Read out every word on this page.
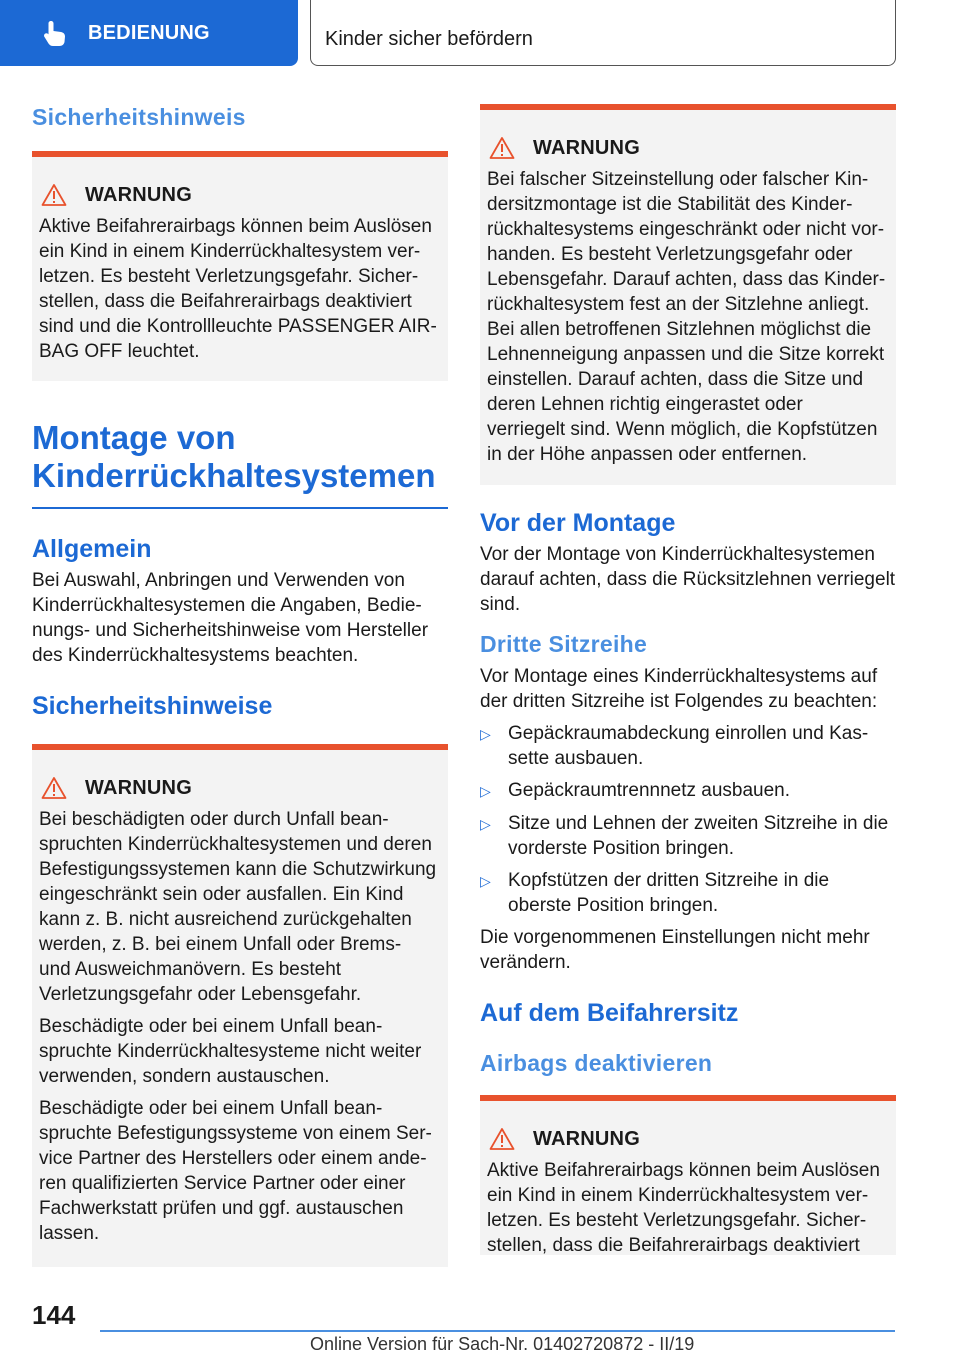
BEDIENUNG	Kinder sicher befördern
Sicherheitshinweis
WARNUNG

Aktive Beifahrerairbags können beim Auslösen ein Kind in einem Kinderrückhaltesystem verletzen. Es besteht Verletzungsgefahr. Sicherstellen, dass die Beifahrerairbags deaktiviert sind und die Kontrollleuchte PASSENGER AIRBAG OFF leuchtet.

Montage von
Kinderrückhaltesystemen
Allgemein

Bei Auswahl, Anbringen und Verwenden von Kinderrückhaltesystemen die Angaben, Bedienungs- und Sicherheitshinweise vom Hersteller des Kinderrückhaltesystems beachten.

Sicherheitshinweise
WARNUNG

Bei beschädigten oder durch Unfall beanspruchten Kinderrückhaltesystemen und deren Befestigungssystemen kann die Schutzwirkung eingeschränkt sein oder ausfallen. Ein Kind kann z. B. nicht ausreichend zurückgehalten werden, z. B. bei einem Unfall oder Brems- und Ausweichmanövern. Es besteht Verletzungsgefahr oder Lebensgefahr.

Beschädigte oder bei einem Unfall beanspruchte Kinderrückhaltesysteme nicht weiter verwenden, sondern austauschen.

Beschädigte oder bei einem Unfall beanspruchte Befestigungssysteme von einem Service Partner des Herstellers oder einem anderen qualifizierten Service Partner oder einer Fachwerkstatt prüfen und ggf. austauschen lassen.

WARNUNG

Bei falscher Sitzeinstellung oder falscher Kindersitzmontage ist die Stabilität des Kinderrückhaltesystems eingeschränkt oder nicht vorhanden. Es besteht Verletzungsgefahr oder Lebensgefahr. Darauf achten, dass das Kinderrückhaltesystem fest an der Sitzlehne anliegt. Bei allen betroffenen Sitzlehnen möglichst die Lehnenneigung anpassen und die Sitze korrekt einstellen. Darauf achten, dass die Sitze und deren Lehnen richtig eingerastet oder verriegelt sind. Wenn möglich, die Kopfstützen in der Höhe anpassen oder entfernen.

Vor der Montage

Vor der Montage von Kinderrückhaltesystemen darauf achten, dass die Rücksitzlehnen verriegelt sind.

Dritte Sitzreihe

Vor Montage eines Kinderrückhaltesystems auf der dritten Sitzreihe ist Folgendes zu beachten:

▷ Gepäckraumabdeckung einrollen und Kassette ausbauen.
▷ Gepäckraumtrennnetz ausbauen.
▷ Sitze und Lehnen der zweiten Sitzreihe in die vorderste Position bringen.
▷ Kopfstützen der dritten Sitzreihe in die oberste Position bringen.

Die vorgenommenen Einstellungen nicht mehr verändern.

Auf dem Beifahrersitz
Airbags deaktivieren
WARNUNG

Aktive Beifahrerairbags können beim Auslösen ein Kind in einem Kinderrückhaltesystem verletzen. Es besteht Verletzungsgefahr. Sicherstellen, dass die Beifahrerairbags deaktiviert

144
Online Version für Sach-Nr. 01402720872 - II/19
